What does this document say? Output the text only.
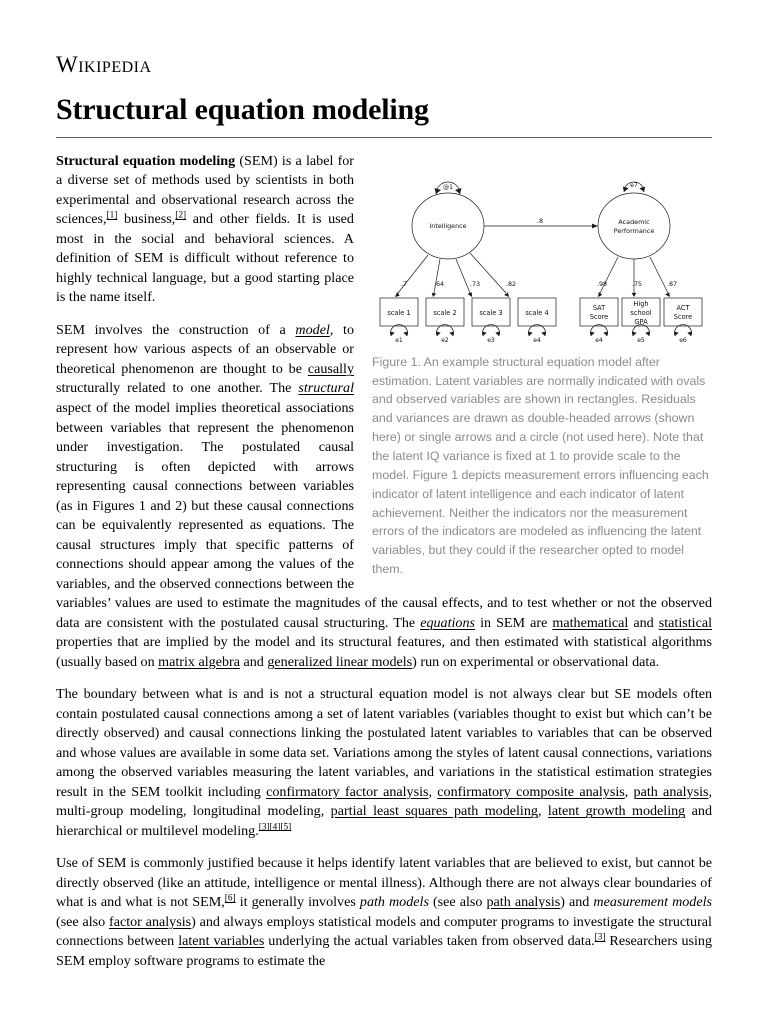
Wikipedia
Structural equation modeling
@1
Intelligence
e7
Academic
Performance
.8
.7	.64	.73	.82
scale 1	scale 2	scale 3	scale 4
e1	e2	e3	e4
.98	.75	.87
SAT
Score
High
school
GPA
ACT
Score
e4	e5	e6
Figure 1. An example structural equation model after estimation. Latent variables are normally indicated with ovals and observed variables are shown in rectangles. Residuals and variances are drawn as double-headed arrows (shown here) or single arrows and a circle (not used here). Note that the latent IQ variance is fixed at 1 to provide scale to the model. Figure 1 depicts measurement errors influencing each indicator of latent intelligence and each indicator of latent achievement. Neither the indicators nor the measurement errors of the indicators are modeled as influencing the latent variables, but they could if the researcher opted to model them.

Structural equation modeling (SEM) is a label for a diverse set of methods used by scientists in both experimental and observational research across the sciences,[1] business,[2] and other fields. It is used most in the social and behavioral sciences. A definition of SEM is difficult without reference to highly technical language, but a good starting place is the name itself.

SEM involves the construction of a model, to represent how various aspects of an observable or theoretical phenomenon are thought to be causally structurally related to one another. The structural aspect of the model implies theoretical associations between variables that represent the phenomenon under investigation. The postulated causal structuring is often depicted with arrows representing causal connections between variables (as in Figures 1 and 2) but these causal connections can be equivalently represented as equations. The causal structures imply that specific patterns of connections should appear among the values of the variables, and the observed connections between the variables’ values are used to estimate the magnitudes of the causal effects, and to test whether or not the observed data are consistent with the postulated causal structuring. The equations in SEM are mathematical and statistical properties that are implied by the model and its structural features, and then estimated with statistical algorithms (usually based on matrix algebra and generalized linear models) run on experimental or observational data.

The boundary between what is and is not a structural equation model is not always clear but SE models often contain postulated causal connections among a set of latent variables (variables thought to exist but which can’t be directly observed) and causal connections linking the postulated latent variables to variables that can be observed and whose values are available in some data set. Variations among the styles of latent causal connections, variations among the observed variables measuring the latent variables, and variations in the statistical estimation strategies result in the SEM toolkit including confirmatory factor analysis, confirmatory composite analysis, path analysis, multi-group modeling, longitudinal modeling, partial least squares path modeling, latent growth modeling and hierarchical or multilevel modeling.[3][4][5]

Use of SEM is commonly justified because it helps identify latent variables that are believed to exist, but cannot be directly observed (like an attitude, intelligence or mental illness). Although there are not always clear boundaries of what is and what is not SEM,[6] it generally involves path models (see also path analysis) and measurement models (see also factor analysis) and always employs statistical models and computer programs to investigate the structural connections between latent variables underlying the actual variables taken from observed data.[3] Researchers using SEM employ software programs to estimate the
